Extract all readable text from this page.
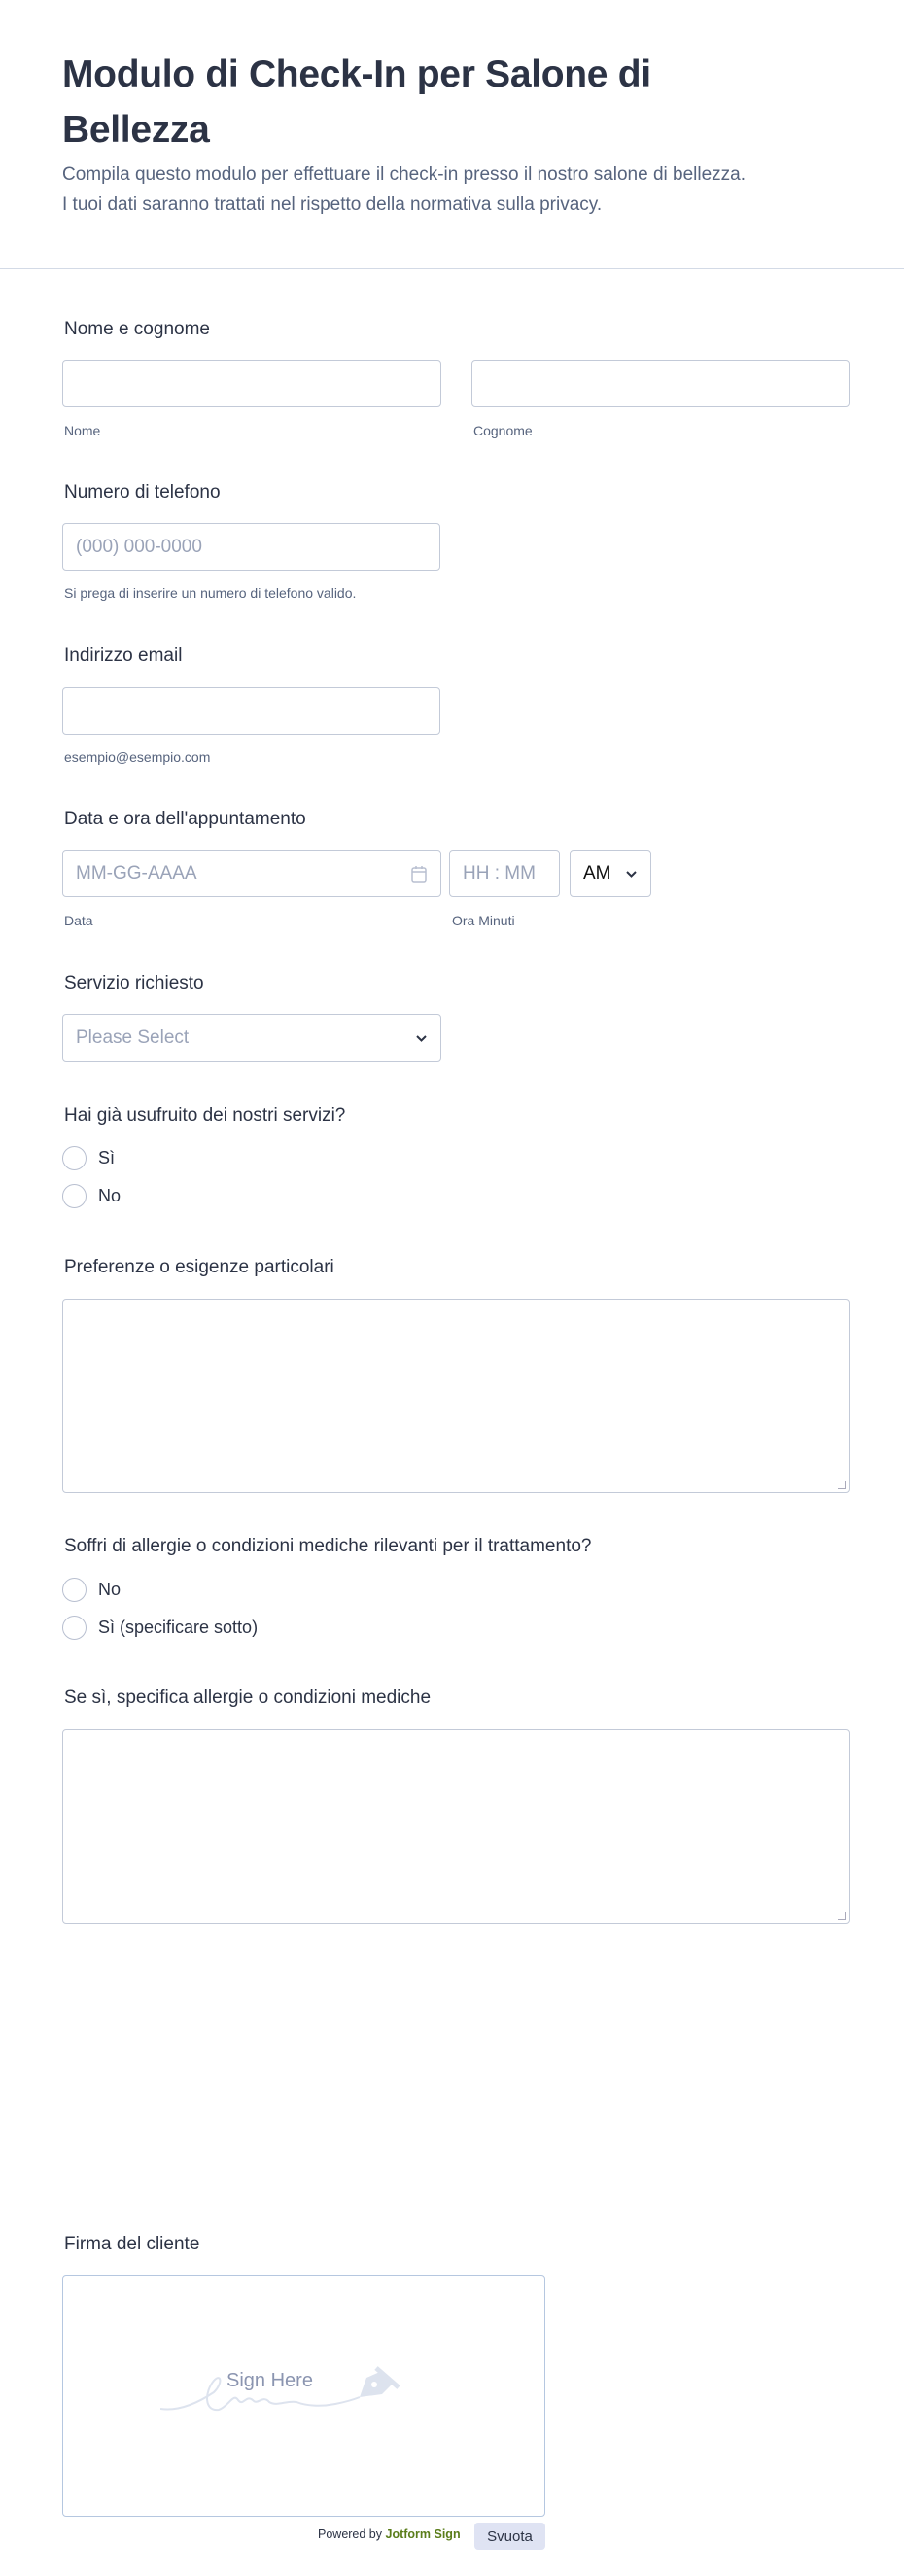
Modulo di Check-In per Salone di Bellezza
Compila questo modulo per effettuare il check-in presso il nostro salone di bellezza.
I tuoi dati saranno trattati nel rispetto della normativa sulla privacy.
Nome e cognome
Nome	Cognome
Numero di telefono
(000) 000-0000
Si prega di inserire un numero di telefono valido.
Indirizzo email
esempio@esempio.com
Data e ora dell'appuntamento
MM-GG-AAAA	HH : MM	AM
Data	Ora Minuti
Servizio richiesto
Please Select
Hai già usufruito dei nostri servizi?
Sì
No
Preferenze o esigenze particolari
Soffri di allergie o condizioni mediche rilevanti per il trattamento?
No
Sì (specificare sotto)
Se sì, specifica allergie o condizioni mediche
Firma del cliente
Sign Here
Powered by Jotform Sign	Svuota
